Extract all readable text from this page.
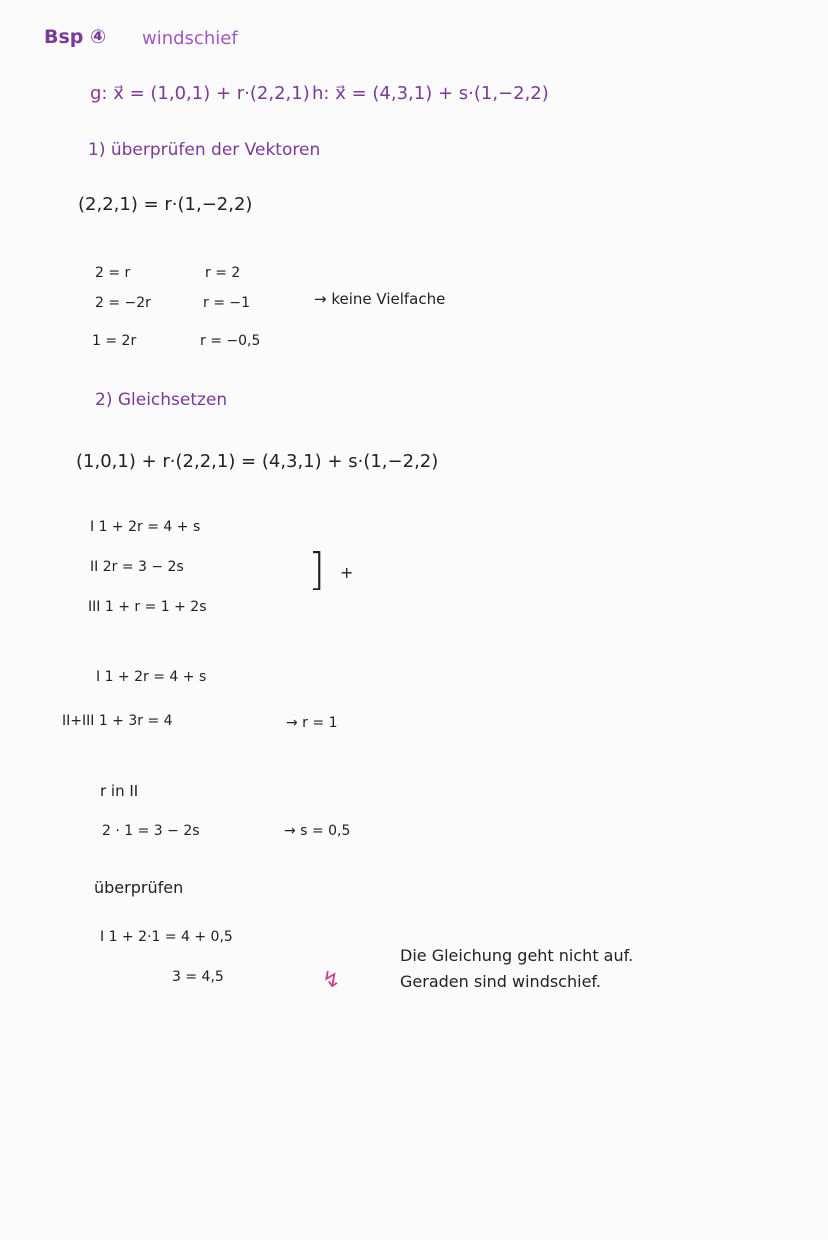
Bsp ④ windschief
g: x⃗ = (1,0,1) + r·(2,2,1) h: x⃗ = (4,3,1) + s·(1,−2,2)
1) überprüfen der Vektoren
(2,2,1) = r·(1,−2,2)
2 = r	r = 2
2 = −2r	r = −1	→ keine Vielfache
1 = 2r	r = −0,5
2) Gleichsetzen
(1,0,1) + r·(2,2,1) = (4,3,1) + s·(1,−2,2)
I 1 + 2r = 4 + s
II 2r = 3 − 2s
III 1 + r = 1 + 2s
] +
I 1 + 2r = 4 + s
II+III 1 + 3r = 4	→ r = 1
r in II
2 · 1 = 3 − 2s	→ s = 0,5
überprüfen
I 1 + 2·1 = 4 + 0,5
3 = 4,5	↯
Die Gleichung geht nicht auf.
Geraden sind windschief.
